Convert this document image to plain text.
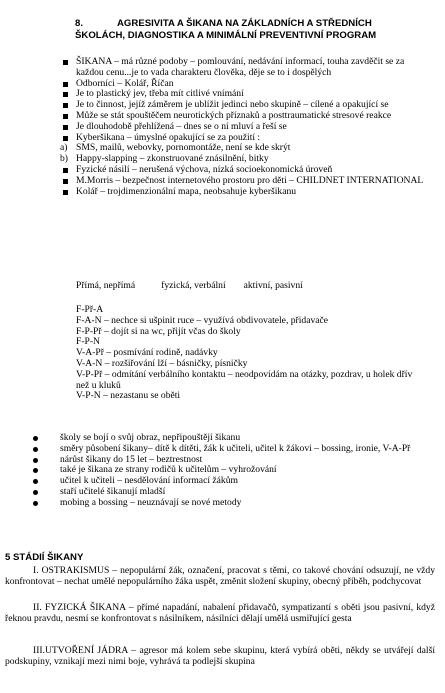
8.	AGRESIVITA A ŠIKANA NA ZÁKLADNÍCH A STŘEDNÍCH
ŠKOLÁCH, DIAGNOSTIKA A MINIMÁLNÍ PREVENTIVNÍ PROGRAM
ŠIKANA – má různé podoby – pomlouvání, nedávání informací, touha zavděčit se za každou cenu...je to vada charakteru člověka, děje se to i dospělých
Odborníci – Kolář, Říčan
Je to plastický jev, třeba mít citlivé vnímání
Je to činnost, jejíž záměrem je ublížit jedinci nebo skupině – cílené a opakující se
Může se stát spouštěčem neurotických příznaků a posttraumatické stresové reakce
Je dlouhodobě přehlížená – dnes se o ní mluví a řeší se
Kyberšikana – úmyslné opakující se za použití :
a) SMS, mailů, webovky, pornomontáže, není se kde skrýt
b) Happy-slapping – zkonstruované znásilnění, bitky
Fyzické násilí – nerušená výchova, nízká socioekonomická úroveň
M.Morris – bezpečnost internetového prostoru pro děti – CHILDNET INTERNATIONAL
Kolář – trojdimenzionální mapa, neobsahuje kyberšikanu
Přímá, nepřímá	fyzická, verbální aktivní, pasivní
F-Př-A
F-A-N – nechce si ušpinit ruce – využívá obdivovatele, přidavače
F-P-Př – dojít si na wc, přijít včas do školy
F-P-N
V-A-Př – posmívání rodině, nadávky
V-A-N – rozšiřování lží – básničky, písničky
V-P-Př – odmítání verbálního kontaktu – neodpovídám na otázky, pozdrav, u holek dřív než u kluků
V-P-N – nezastanu se oběti
školy se bojí o svůj obraz, nepřipouštějí šikanu
směry působení šikany– dítě k dítěti, žák k učiteli, učitel k žákovi – bossing, ironie, V-A-Př
nárůst šikany do 15 let – beztrestnost
také je šikana ze strany rodičů k učitelům – vyhrožování
učitel k učiteli – nesdělování informací žákům
staří učitelé šikanují mladší
mobing a bossing – neuznávají se nové metody
5 STÁDIÍ ŠIKANY
I. OSTRAKISMUS – nepopulární žák, označení, pracovat s těmi, co takové chování odsuzují, ne vždy konfrontovat – nechat umělé nepopulárního žáka uspět, změnit složení skupiny, obecný příběh, podchycovat
II. FYZICKÁ ŠIKANA – přímé napadání, nabalení přidavačů, sympatizantí s oběti jsou pasivní, když řeknou pravdu, nesmí se konfrontovat s násilníkem, násilníci dělají umělá usmiřující gesta
III.UTVOŘENÍ JÁDRA – agresor má kolem sebe skupinu, která vybírá oběti, někdy se utvářejí další podskupiny, vznikají mezi nimi boje, vyhrává ta podlejší skupina
